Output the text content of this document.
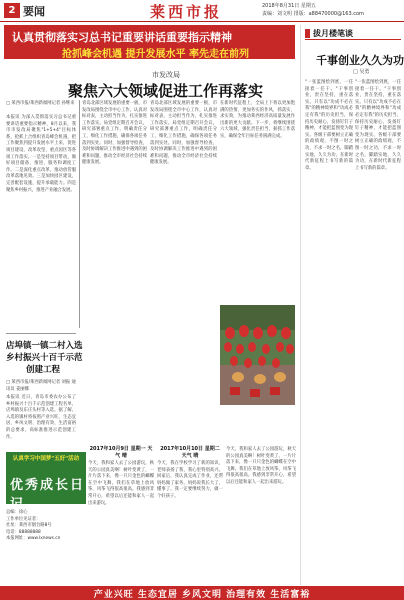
2 要闻	莱西市报	2018年8月31日 星期五
责编：刘文明 排版：a88470000@163.com
认真贯彻落实习总书记重要讲话重要指示精神
抢抓峰会机遇 提升发展水平 率先走在前列
市发改局
聚焦六大领域促进工作再落实
□ 莱西市报/莱西新闻网记者 孙继来
本报讯 为深入贯彻落实习总书记重要讲话重要指示精神，8月以来，我市市发改局聚焦"1+5+4"目标体系，抢抓上合组织青岛峰会机遇，把工作聚焦到提升发展水平上来，促进项目建设、改革攻坚、重点园区等各项工作落实。一是坚持项目带动，做好项目储备、推进、服务和调度工作。二是深化重点改革，推动放管服改革落地见效。三是加快园区建设，完善配套设施，提升承载能力。四是聚焦乡村振兴，推进产业融合发展。
青岛北部区域发展的重要一极，市发改局围绕全市中心工作，认真对标对表，主动担当作为，扎实推进工作落实。局党组定期召开会议，研究部署重点工作，明确责任分工，细化工作措施，确保各项任务落到实处。同时，加强督导检查，及时协调解决工作推进中遇到的困难和问题，推动全市经济社会持续健康发展。
青岛北部区域发展的重要一极，市发改局围绕全市中心工作，认真对标对表，主动担当作为，扎实推进工作落实。局党组定期召开会议，研究部署重点工作，明确责任分工，细化工作措施，确保各项任务落到实处。同时，加强督导检查，及时协调解决工作推进中遇到的困难和问题，推动全市经济社会持续健康发展。
在新时代征程上，全局上下将以更加饱满的热情、更加务实的作风，抓落实、求实效，为推动莱西经济高质量发展作出新的更大贡献。下一步，将继续围绕六大领域，强化责任担当，狠抓工作落实，确保全年目标任务圆满完成。
店埠镇一镇二村入选
乡村振兴十百千示范
创建工程
□ 莱西市报/莱西新闻网记者 刘振 通讯员 姜丽娜
本报讯 近日，青岛市委农办公布了乡村振兴十百千示范创建工程名单，店埠镇及东庄头村等入选。据了解，入选的镇村将按照产业兴旺、生态宜居、乡风文明、治理有效、生活富裕的总要求，高标准推进示范创建工作。
认真学习中国梦"五好"活动
优秀成长日记
总编：徐心
工作单位见证者：
社址：莱西市烟台路8号
电话：88888888
本报网址：www.lxnews.cn
2017年10月9日 星期一 天气 晴
今天，我和家人去了公园游玩，秋天的公园真美啊！树叶变黄了，一片片落下来，像一只只金色的蝴蝶在空中飞舞。我们在草地上放风筝，风筝飞得很高很高。我感到非常开心，希望以后还能和家人一起出来游玩。
2017年10月10日 星期二 天气 晴
今天，我在学校学习了新的知识，老师表扬了我，我心里特别高兴。回家后，我认真完成了作业，还帮妈妈做了家务。妈妈说我长大了，懂事了。我一定要继续努力，做一个好孩子。
今天，我和家人去了公园游玩，秋天的公园真美啊！树叶变黄了，一片片落下来，像一只只金色的蝴蝶在空中飞舞。我们在草地上放风筝，风筝飞得很高很高。我感到非常开心，希望以后还能和家人一起出来游玩。
拔月楼笔谈
千事创业久久为功
□ 吴勇
"一张蓝图绘到底，一任接着一任干。"干事创业，贵在坚持，重在落实。只有以"功成不必在我"的精神境界和"功成必定有我"的历史担当，保持历史耐心，发扬钉钉子精神，才能把蓝图变为现实。各级干部要树立正确的政绩观，不图一时之功，不求一时之名，脚踏实地，久久为功，在新时代新征程上书写新的篇章。
"一张蓝图绘到底，一任接着一任干。"干事创业，贵在坚持，重在落实。只有以"功成不必在我"的精神境界和"功成必定有我"的历史担当，保持历史耐心，发扬钉钉子精神，才能把蓝图变为现实。各级干部要树立正确的政绩观，不图一时之功，不求一时之名，脚踏实地，久久为功，在新时代新征程上书写新的篇章。
产业兴旺 生态宜居 乡风文明 治理有效 生活富裕
